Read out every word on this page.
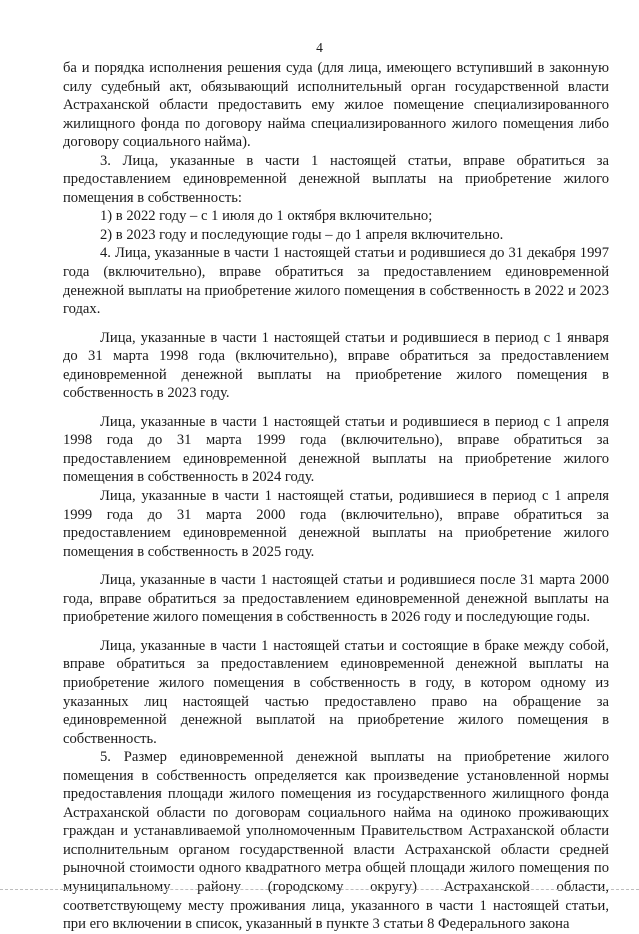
4

ба и порядка исполнения решения суда (для лица, имеющего вступивший в законную силу судебный акт, обязывающий исполнительный орган государственной власти Астраханской области предоставить ему жилое помещение специализированного жилищного фонда по договору найма специализированного жилого помещения либо договору социального найма).

3. Лица, указанные в части 1 настоящей статьи, вправе обратиться за предоставлением единовременной денежной выплаты на приобретение жилого помещения в собственность:

1) в 2022 году – с 1 июля до 1 октября включительно;

2) в 2023 году и последующие годы – до 1 апреля включительно.

4. Лица, указанные в части 1 настоящей статьи и родившиеся до 31 декабря 1997 года (включительно), вправе обратиться за предоставлением единовременной денежной выплаты на приобретение жилого помещения в собственность в 2022 и 2023 годах.

Лица, указанные в части 1 настоящей статьи и родившиеся в период с 1 января до 31 марта 1998 года (включительно), вправе обратиться за предоставлением единовременной денежной выплаты на приобретение жилого помещения в собственность в 2023 году.

Лица, указанные в части 1 настоящей статьи и родившиеся в период с 1 апреля 1998 года до 31 марта 1999 года (включительно), вправе обратиться за предоставлением единовременной денежной выплаты на приобретение жилого помещения в собственность в 2024 году.

Лица, указанные в части 1 настоящей статьи, родившиеся в период с 1 апреля 1999 года до 31 марта 2000 года (включительно), вправе обратиться за предоставлением единовременной денежной выплаты на приобретение жилого помещения в собственность в 2025 году.

Лица, указанные в части 1 настоящей статьи и родившиеся после 31 марта 2000 года, вправе обратиться за предоставлением единовременной денежной выплаты на приобретение жилого помещения в собственность в 2026 году и последующие годы.

Лица, указанные в части 1 настоящей статьи и состоящие в браке между собой, вправе обратиться за предоставлением единовременной денежной выплаты на приобретение жилого помещения в собственность в году, в котором одному из указанных лиц настоящей частью предоставлено право на обращение за единовременной денежной выплатой на приобретение жилого помещения в собственность.

5. Размер единовременной денежной выплаты на приобретение жилого помещения в собственность определяется как произведение установленной нормы предоставления площади жилого помещения из государственного жилищного фонда Астраханской области по договорам социального найма на одиноко проживающих граждан и устанавливаемой уполномоченным Правительством Астраханской области исполнительным органом государственной власти Астраханской области средней рыночной стоимости одного квадратного метра общей площади жилого помещения по муниципальному району (городскому округу) Астраханской области, соответствующему месту проживания лица, указанного в части 1 настоящей статьи, при его включении в список, указанный в пункте 3 статьи 8 Федерального закона
